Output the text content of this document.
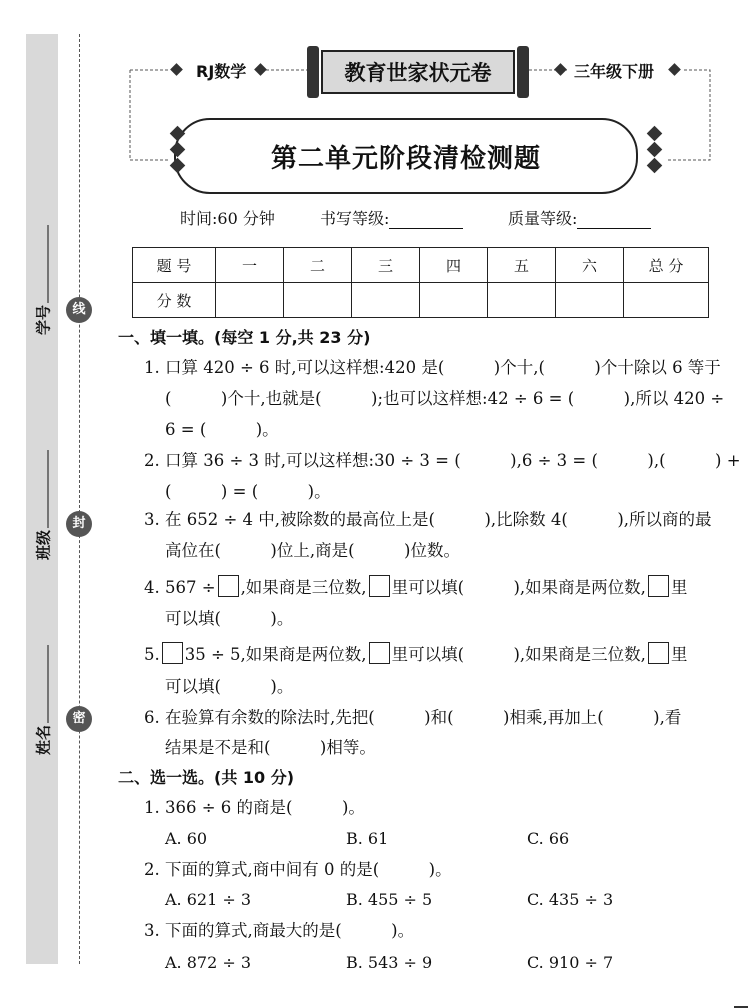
学号
班级
姓名
线
封
密
RJ数学	教育世家状元卷	三年级下册
第二单元阶段清检测题
时间:60 分钟	书写等级:	质量等级:
题 号	一	二	三	四	五	六	总 分
分 数							
一、填一填。(每空 1 分,共 23 分)
1. 口算 420 ÷ 6 时,可以这样想:420 是(　　　)个十,(　　　)个十除以 6 等于
(　　　)个十,也就是(　　　);也可以这样想:42 ÷ 6 = (　　　),所以 420 ÷
6 = (　　　)。
2. 口算 36 ÷ 3 时,可以这样想:30 ÷ 3 = (　　　),6 ÷ 3 = (　　　),(　　　) +
(　　　) = (　　　)。
3. 在 652 ÷ 4 中,被除数的最高位上是(　　　),比除数 4(　　　),所以商的最
高位在(　　　)位上,商是(　　　)位数。
4. 567 ÷ ,如果商是三位数, 里可以填(　　　),如果商是两位数, 里
可以填(　　　)。
5. 35 ÷ 5,如果商是两位数, 里可以填(　　　),如果商是三位数, 里
可以填(　　　)。
6. 在验算有余数的除法时,先把(　　　)和(　　　)相乘,再加上(　　　),看
结果是不是和(　　　)相等。
二、选一选。(共 10 分)
1. 366 ÷ 6 的商是(　　　)。
A. 60	B. 61	C. 66
2. 下面的算式,商中间有 0 的是(　　　)。
A. 621 ÷ 3	B. 455 ÷ 5	C. 435 ÷ 3
3. 下面的算式,商最大的是(　　　)。
A. 872 ÷ 3	B. 543 ÷ 9	C. 910 ÷ 7
